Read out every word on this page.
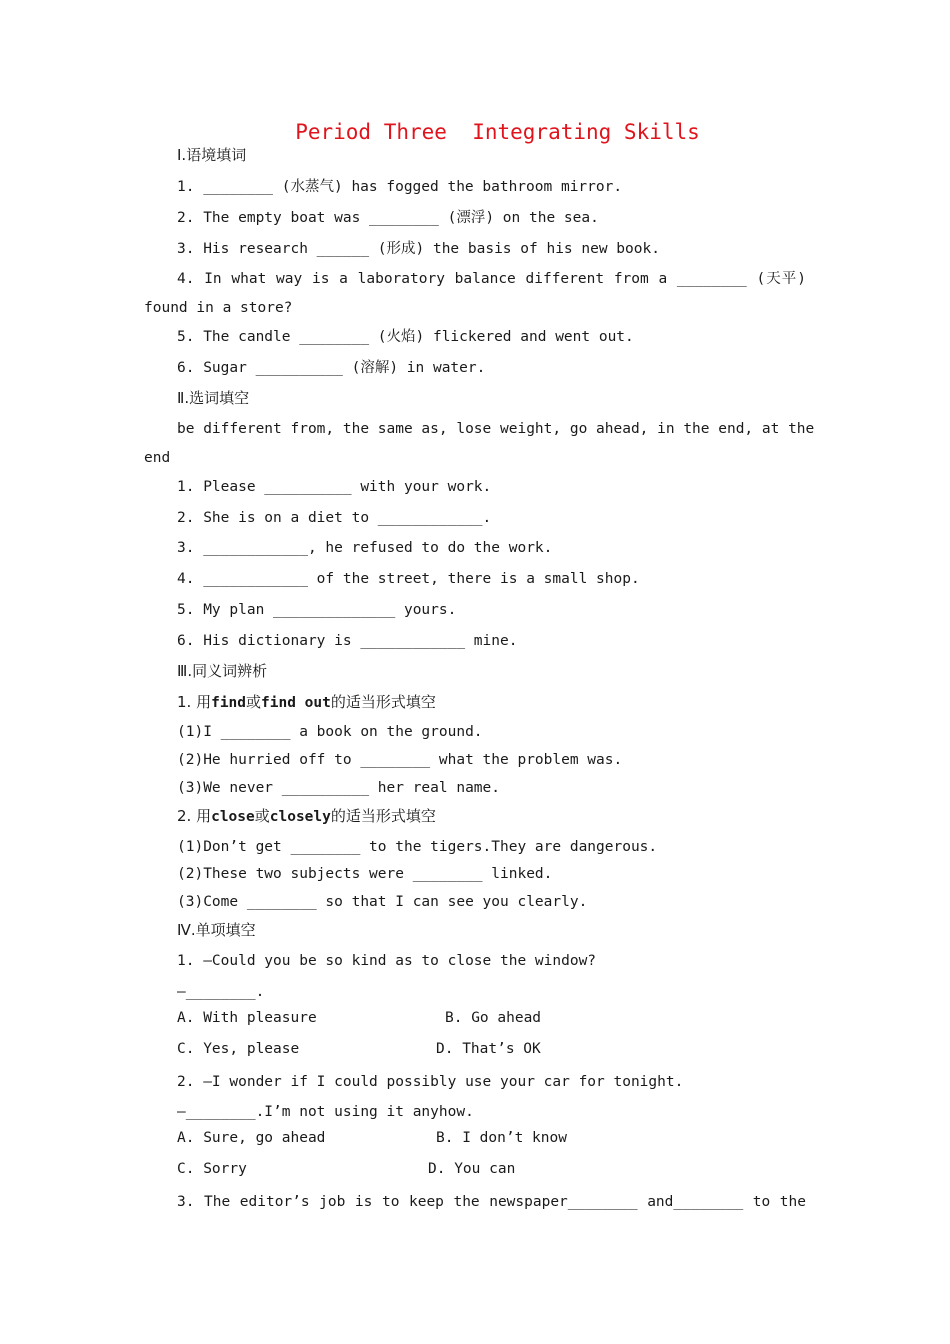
Period Three  Integrating Skills
Ⅰ.语境填词
1. ________ (水蒸气) has fogged the bathroom mirror.
2. The empty boat was ________ (漂浮) on the sea.
3. His research ______ (形成) the basis of his new book.
4. In what way is a laboratory balance different from a ________ (天平)
found in a store?
5. The candle ________ (火焰) flickered and went out.
6. Sugar __________ (溶解) in water.
Ⅱ.选词填空
be different from, the same as, lose weight, go ahead, in the end, at the
end
1. Please __________ with your work.
2. She is on a diet to ____________.
3. ____________, he refused to do the work.
4. ____________ of the street, there is a small shop.
5. My plan ______________ yours.
6. His dictionary is ____________ mine.
Ⅲ.同义词辨析
1. 用find或find out的适当形式填空
(1)I ________ a book on the ground.
(2)He hurried off to ________ what the problem was.
(3)We never __________ her real name.
2. 用close或closely的适当形式填空
(1)Don’t get ________ to the tigers.They are dangerous.
(2)These two subjects were ________ linked.
(3)Come ________ so that I can see you clearly.
Ⅳ.单项填空
1. —Could you be so kind as to close the window?
—________.
A. With pleasure	B. Go ahead
C. Yes, please	D. That’s OK
2. —I wonder if I could possibly use your car for tonight.
—________.I’m not using it anyhow.
A. Sure, go ahead	B. I don’t know
C. Sorry	D. You can
3. The editor’s job is to keep the newspaper________ and________ to the
